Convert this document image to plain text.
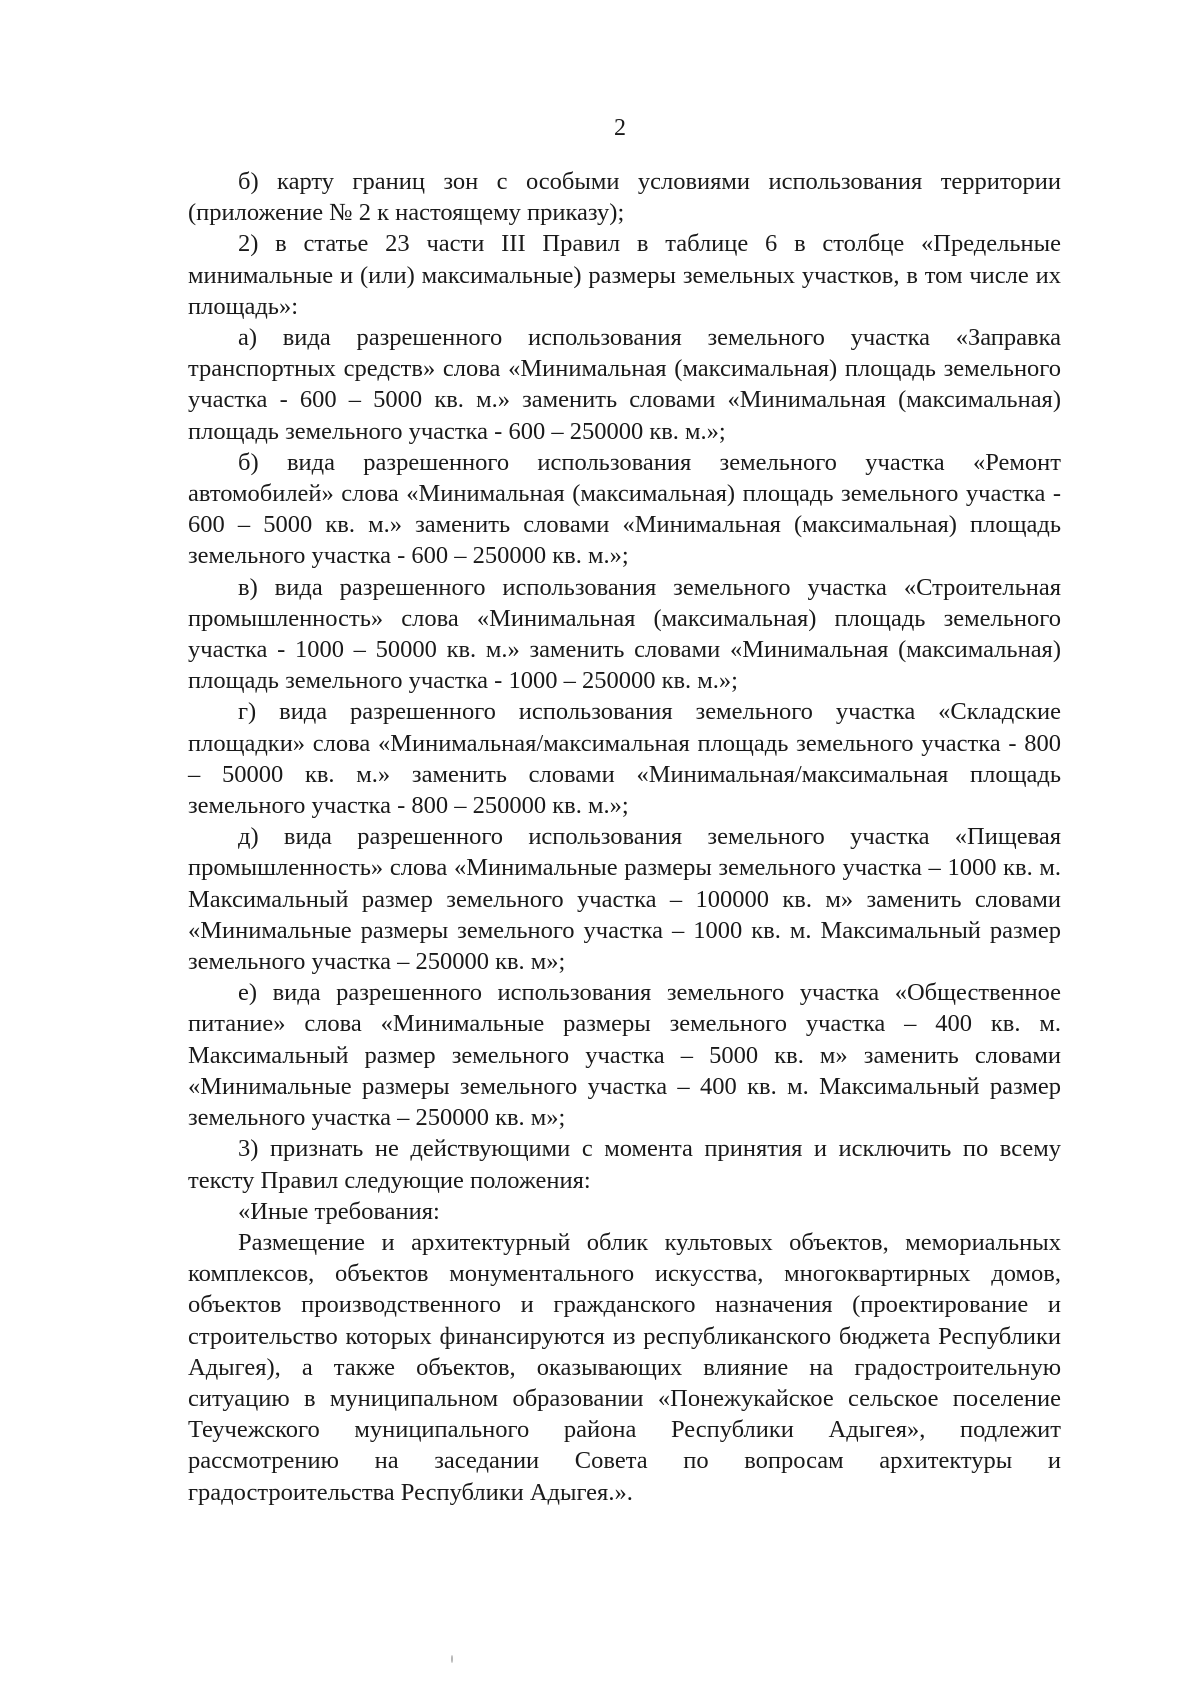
2

б) карту границ зон с особыми условиями использования территории (приложение № 2 к настоящему приказу);

2) в статье 23 части III Правил в таблице 6 в столбце «Предельные минимальные и (или) максимальные) размеры земельных участков, в том числе их площадь»:

а) вида разрешенного использования земельного участка «Заправка транспортных средств» слова «Минимальная (максимальная) площадь земельного участка - 600 – 5000 кв. м.» заменить словами «Минимальная (максимальная) площадь земельного участка - 600 – 250000 кв. м.»;

б) вида разрешенного использования земельного участка «Ремонт автомобилей» слова «Минимальная (максимальная) площадь земельного участка - 600 – 5000 кв. м.» заменить словами «Минимальная (максимальная) площадь земельного участка - 600 – 250000 кв. м.»;

в) вида разрешенного использования земельного участка «Строительная промышленность» слова «Минимальная (максимальная) площадь земельного участка - 1000 – 50000 кв. м.» заменить словами «Минимальная (максимальная) площадь земельного участка - 1000 – 250000 кв. м.»;

г) вида разрешенного использования земельного участка «Складские площадки» слова «Минимальная/максимальная площадь земельного участка - 800 – 50000 кв. м.» заменить словами «Минимальная/максимальная площадь земельного участка - 800 – 250000 кв. м.»;

д) вида разрешенного использования земельного участка «Пищевая промышленность» слова «Минимальные размеры земельного участка – 1000 кв. м. Максимальный размер земельного участка – 100000 кв. м» заменить словами «Минимальные размеры земельного участка – 1000 кв. м. Максимальный размер земельного участка – 250000 кв. м»;

е) вида разрешенного использования земельного участка «Общественное питание» слова «Минимальные размеры земельного участка – 400 кв. м. Максимальный размер земельного участка – 5000 кв. м» заменить словами «Минимальные размеры земельного участка – 400 кв. м. Максимальный размер земельного участка – 250000 кв. м»;

3) признать не действующими с момента принятия и исключить по всему тексту Правил следующие положения:

«Иные требования:

Размещение и архитектурный облик культовых объектов, мемориальных комплексов, объектов монументального искусства, многоквартирных домов, объектов производственного и гражданского назначения (проектирование и строительство которых финансируются из республиканского бюджета Республики Адыгея), а также объектов, оказывающих влияние на градостроительную ситуацию в муниципальном образовании «Понежукайское сельское поселение Теучежского муниципального района Республики Адыгея», подлежит рассмотрению на заседании Совета по вопросам архитектуры и градостроительства Республики Адыгея.».
